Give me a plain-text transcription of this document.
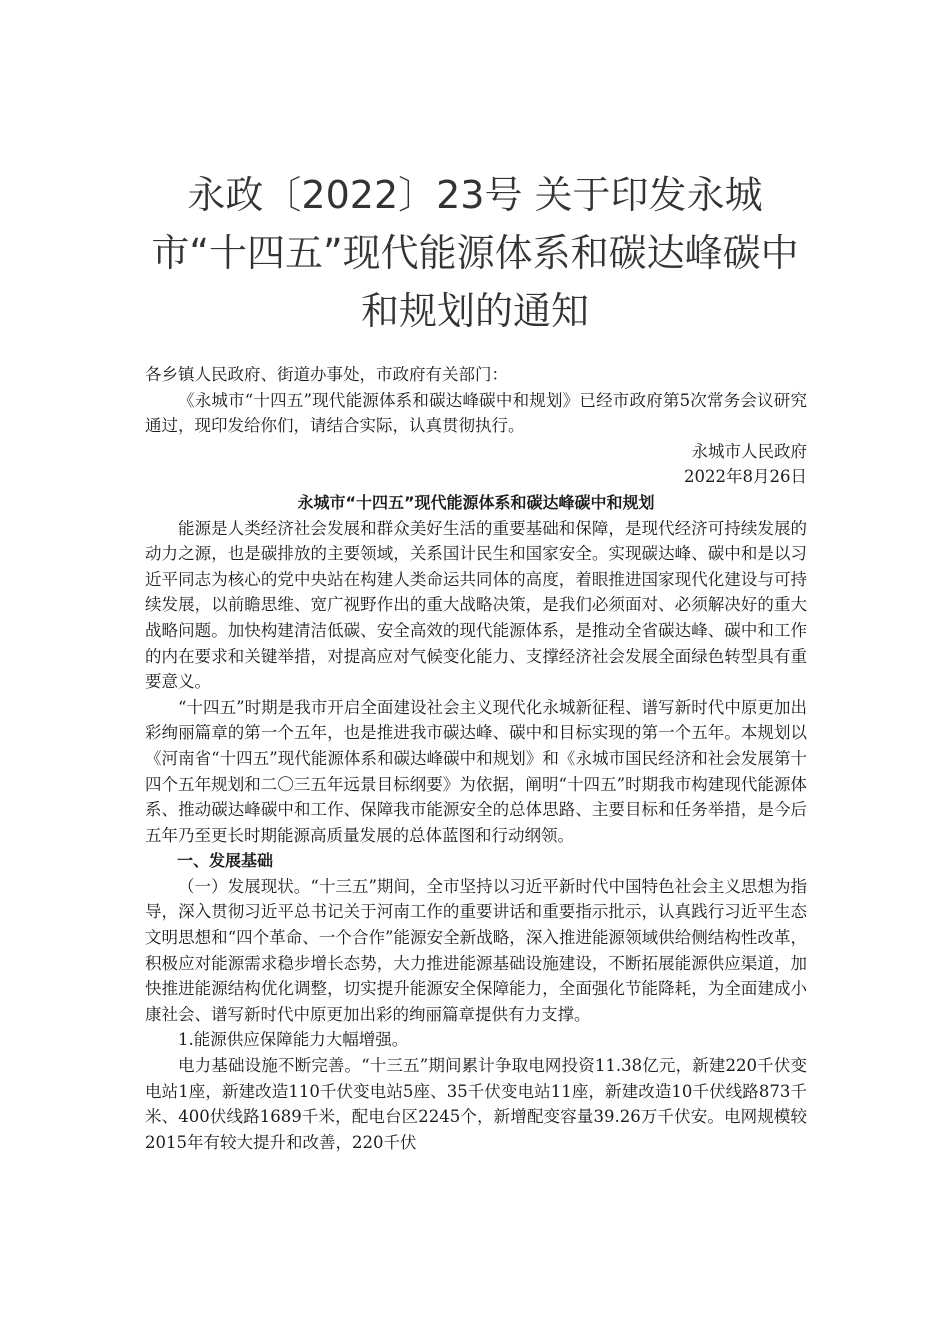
永政〔2022〕23号 关于印发永城市“十四五”现代能源体系和碳达峰碳中和规划的通知

各乡镇人民政府、街道办事处，市政府有关部门：

《永城市“十四五”现代能源体系和碳达峰碳中和规划》已经市政府第5次常务会议研究通过，现印发给你们，请结合实际，认真贯彻执行。

永城市人民政府

2022年8月26日

永城市“十四五”现代能源体系和碳达峰碳中和规划

能源是人类经济社会发展和群众美好生活的重要基础和保障，是现代经济可持续发展的动力之源，也是碳排放的主要领域，关系国计民生和国家安全。实现碳达峰、碳中和是以习近平同志为核心的党中央站在构建人类命运共同体的高度，着眼推进国家现代化建设与可持续发展，以前瞻思维、宽广视野作出的重大战略决策，是我们必须面对、必须解决好的重大战略问题。加快构建清洁低碳、安全高效的现代能源体系，是推动全省碳达峰、碳中和工作的内在要求和关键举措，对提高应对气候变化能力、支撑经济社会发展全面绿色转型具有重要意义。

“十四五”时期是我市开启全面建设社会主义现代化永城新征程、谱写新时代中原更加出彩绚丽篇章的第一个五年，也是推进我市碳达峰、碳中和目标实现的第一个五年。本规划以《河南省“十四五”现代能源体系和碳达峰碳中和规划》和《永城市国民经济和社会发展第十四个五年规划和二〇三五年远景目标纲要》为依据，阐明“十四五”时期我市构建现代能源体系、推动碳达峰碳中和工作、保障我市能源安全的总体思路、主要目标和任务举措，是今后五年乃至更长时期能源高质量发展的总体蓝图和行动纲领。

一、发展基础

（一）发展现状。“十三五”期间，全市坚持以习近平新时代中国特色社会主义思想为指导，深入贯彻习近平总书记关于河南工作的重要讲话和重要指示批示，认真践行习近平生态文明思想和“四个革命、一个合作”能源安全新战略，深入推进能源领域供给侧结构性改革，积极应对能源需求稳步增长态势，大力推进能源基础设施建设，不断拓展能源供应渠道，加快推进能源结构优化调整，切实提升能源安全保障能力，全面强化节能降耗，为全面建成小康社会、谱写新时代中原更加出彩的绚丽篇章提供有力支撑。

1.能源供应保障能力大幅增强。

电力基础设施不断完善。“十三五”期间累计争取电网投资11.38亿元，新建220千伏变电站1座，新建改造110千伏变电站5座、35千伏变电站11座，新建改造10千伏线路873千米、400伏线路1689千米，配电台区2245个，新增配变容量39.26万千伏安。电网规模较2015年有较大提升和改善，220千伏
